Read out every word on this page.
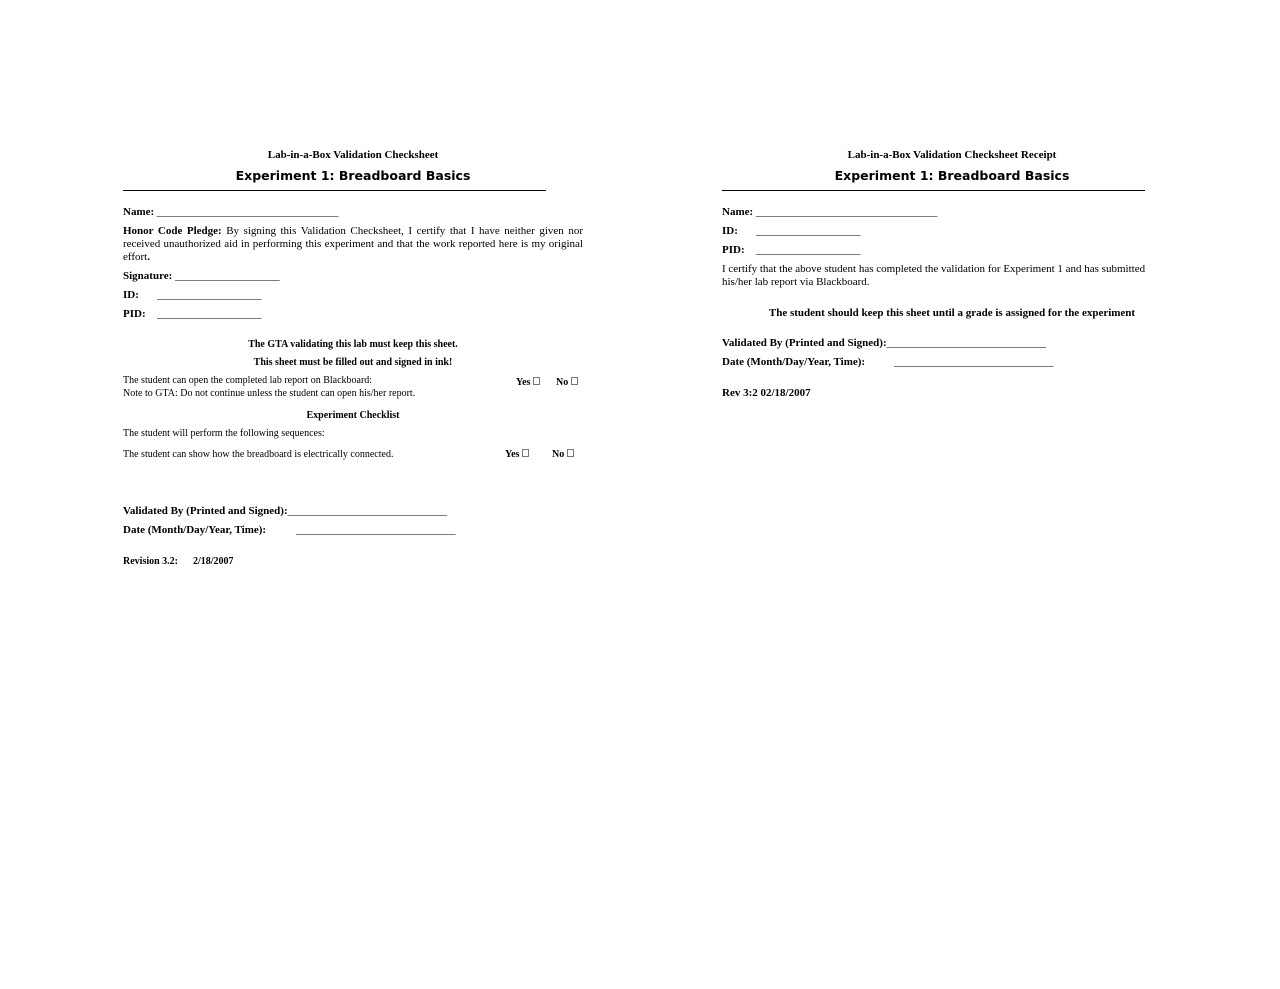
Lab-in-a-Box Validation Checksheet
Experiment 1: Breadboard Basics
Name: _________________________________
Honor Code Pledge: By signing this Validation Checksheet, I certify that I have neither given nor received unauthorized aid in performing this experiment and that the work reported here is my original effort.
Signature: ___________________
ID: ___________________
PID: ___________________
The GTA validating this lab must keep this sheet.
This sheet must be filled out and signed in ink!
The student can open the completed lab report on Blackboard:
Note to GTA: Do not continue unless the student can open his/her report.
Yes	No
Experiment Checklist
The student will perform the following sequences:
The student can show how the breadboard is electrically connected.	Yes	No
Validated By (Printed and Signed):_____________________________
Date (Month/Day/Year, Time):	_____________________________
Revision 3.2: 2/18/2007
Lab-in-a-Box Validation Checksheet Receipt
Experiment 1: Breadboard Basics
Name: _________________________________
ID: ___________________
PID: ___________________
I certify that the above student has completed the validation for Experiment 1 and has submitted his/her lab report via Blackboard.
The student should keep this sheet until a grade is assigned for the experiment
Validated By (Printed and Signed):_____________________________
Date (Month/Day/Year, Time):	_____________________________
Rev 3:2 02/18/2007
